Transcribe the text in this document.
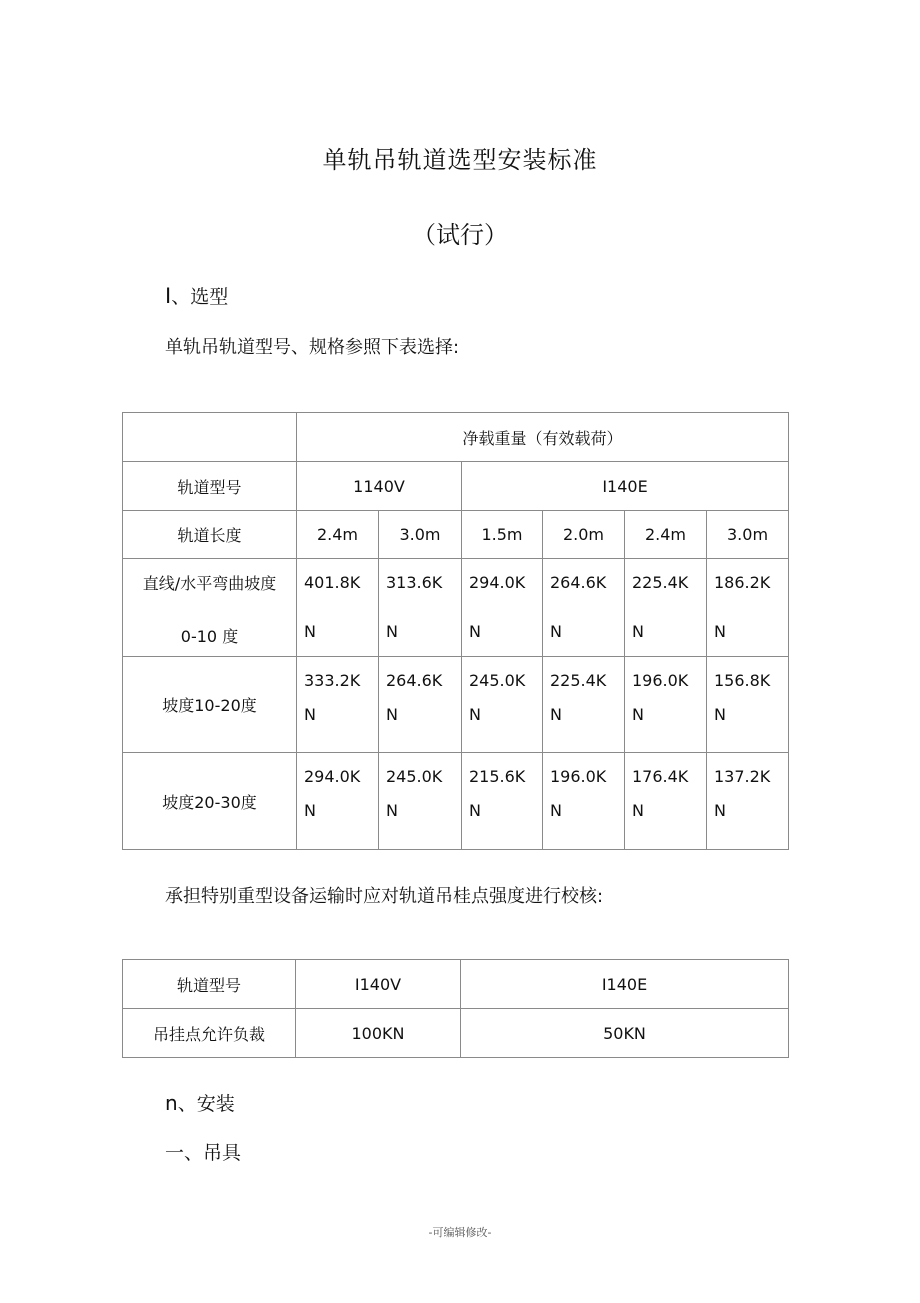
单轨吊轨道选型安装标准
（试行）
I、选型
单轨吊轨道型号、规格参照下表选择:
	净载重量（有效载荷）					
轨道型号	1140V		I140E			
轨道长度	2.4m	3.0m	1.5m	2.0m	2.4m	3.0m

直线/水平弯曲坡度
0-10 度	401.8K
N	313.6K
N	294.0K
N	264.6K
N	225.4K
N	186.2K
N

坡度10-20度	333.2K
N	264.6K
N	245.0K
N	225.4K
N	196.0K
N	156.8K
N

坡度20-30度	294.0K
N	245.0K
N	215.6K
N	196.0K
N	176.4K
N	137.2K
N
承担特别重型设备运输时应对轨道吊桂点强度进行校核:
轨道型号	I140V	I140E
吊挂点允许负裁	100KN	50KN
n、安装
一、吊具
-可编辑修改-
